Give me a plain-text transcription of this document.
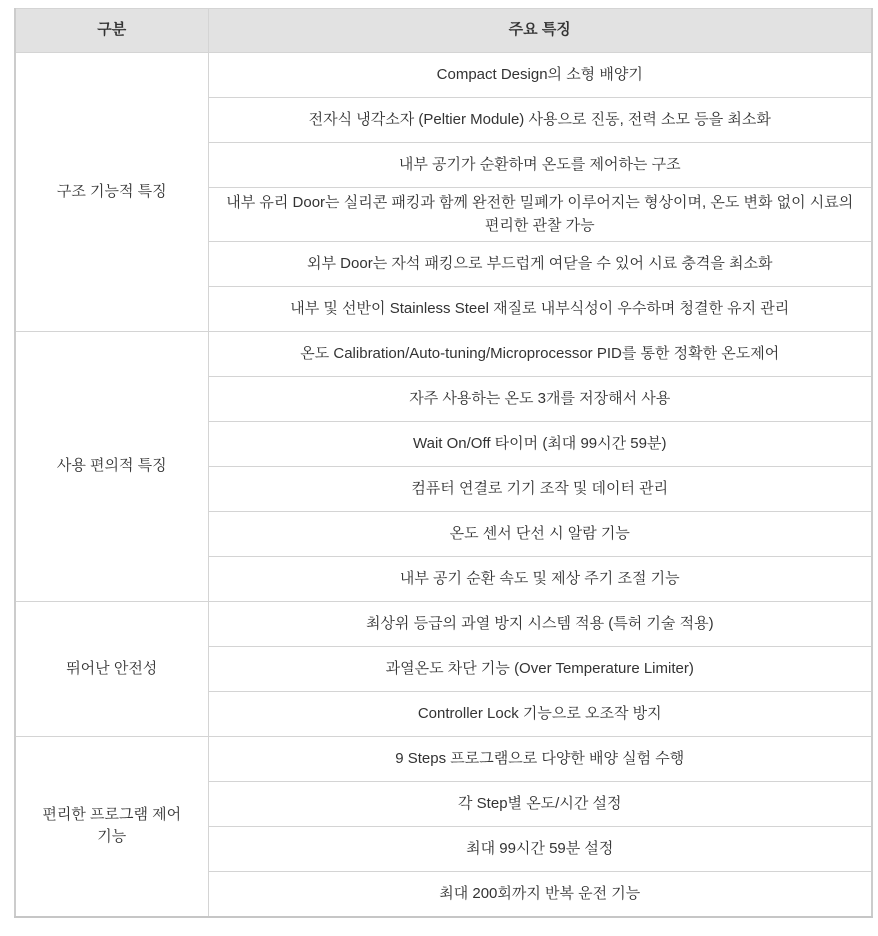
구분	주요 특징
구조 기능적 특징	Compact Design의 소형 배양기
	전자식 냉각소자 (Peltier Module) 사용으로 진동, 전력 소모 등을 최소화
	내부 공기가 순환하며 온도를 제어하는 구조
	내부 유리 Door는 실리콘 패킹과 함께 완전한 밀폐가 이루어지는 형상이며, 온도 변화 없이 시료의 편리한 관찰 가능
	외부 Door는 자석 패킹으로 부드럽게 여닫을 수 있어 시료 충격을 최소화
	내부 및 선반이 Stainless Steel 재질로 내부식성이 우수하며 청결한 유지 관리
사용 편의적 특징	온도 Calibration/Auto-tuning/Microprocessor PID를 통한 정확한 온도제어
	자주 사용하는 온도 3개를 저장해서 사용
	Wait On/Off 타이머 (최대 99시간 59분)
	컴퓨터 연결로 기기 조작 및 데이터 관리
	온도 센서 단선 시 알람 기능
	내부 공기 순환 속도 및 제상 주기 조절 기능
뛰어난 안전성	최상위 등급의 과열 방지 시스템 적용 (특허 기술 적용)
	과열온도 차단 기능 (Over Temperature Limiter)
	Controller Lock 기능으로 오조작 방지
편리한 프로그램 제어 기능	9 Steps 프로그램으로 다양한 배양 실험 수행
	각 Step별 온도/시간 설정
	최대 99시간 59분 설정
	최대 200회까지 반복 운전 기능
